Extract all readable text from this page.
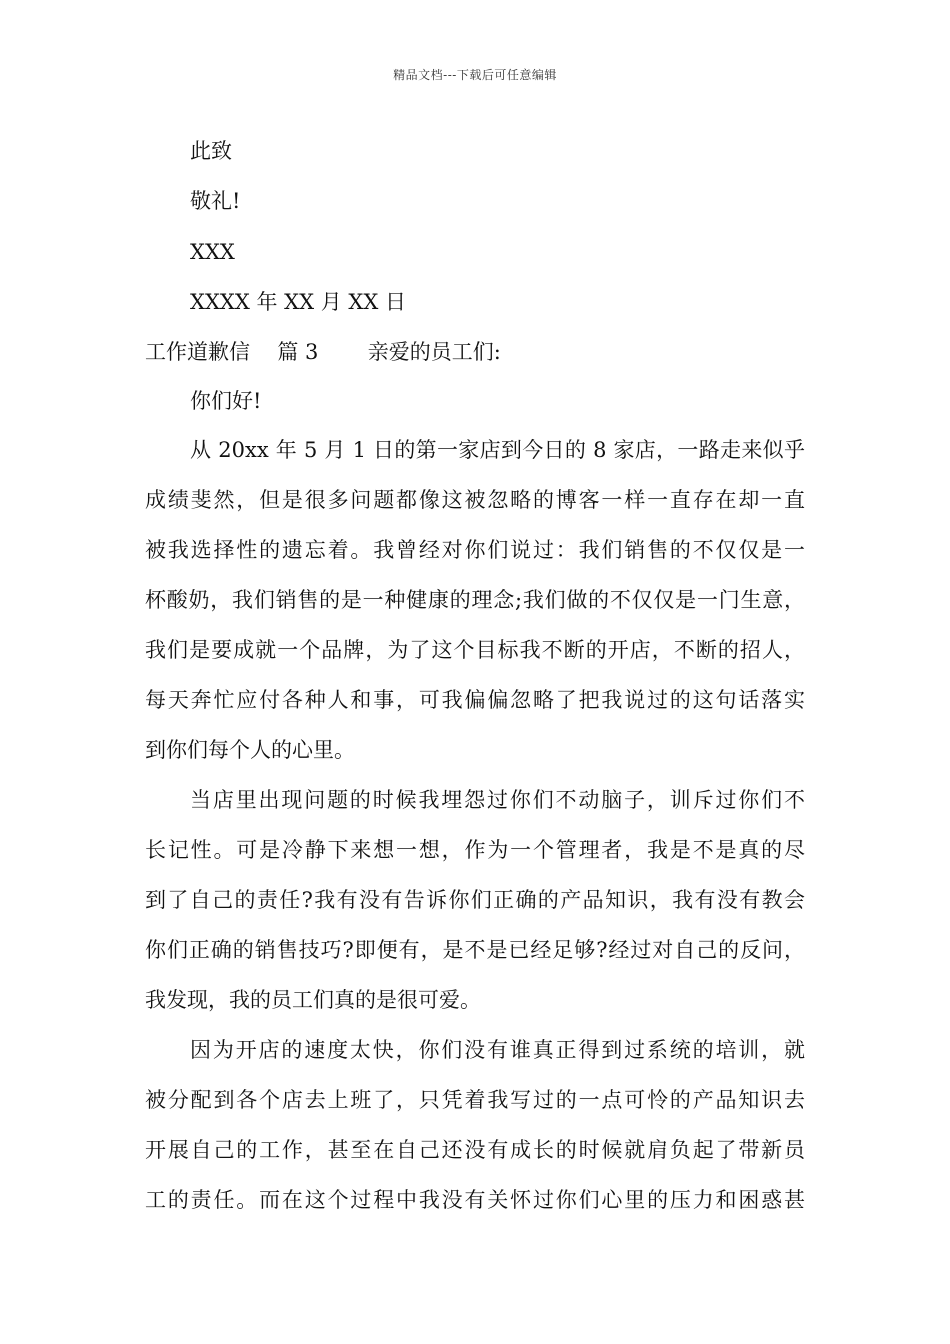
精品文档---下载后可任意编辑
此致
敬礼!
XXX
XXXX 年 XX 月 XX 日
工作道歉信 篇 3 亲爱的员工们:
你们好!
从 20xx 年 5 月 1 日的第一家店到今日的 8 家店，一路走来似乎
成绩斐然，但是很多问题都像这被忽略的博客一样一直存在却一直
被我选择性的遗忘着。我曾经对你们说过：我们销售的不仅仅是一
杯酸奶，我们销售的是一种健康的理念;我们做的不仅仅是一门生意，
我们是要成就一个品牌，为了这个目标我不断的开店，不断的招人，
每天奔忙应付各种人和事，可我偏偏忽略了把我说过的这句话落实
到你们每个人的心里。
当店里出现问题的时候我埋怨过你们不动脑子，训斥过你们不
长记性。可是冷静下来想一想，作为一个管理者，我是不是真的尽
到了自己的责任?我有没有告诉你们正确的产品知识，我有没有教会
你们正确的销售技巧?即便有，是不是已经足够?经过对自己的反问，
我发现，我的员工们真的是很可爱。
因为开店的速度太快，你们没有谁真正得到过系统的培训，就
被分配到各个店去上班了，只凭着我写过的一点可怜的产品知识去
开展自己的工作，甚至在自己还没有成长的时候就肩负起了带新员
工的责任。而在这个过程中我没有关怀过你们心里的压力和困惑甚
